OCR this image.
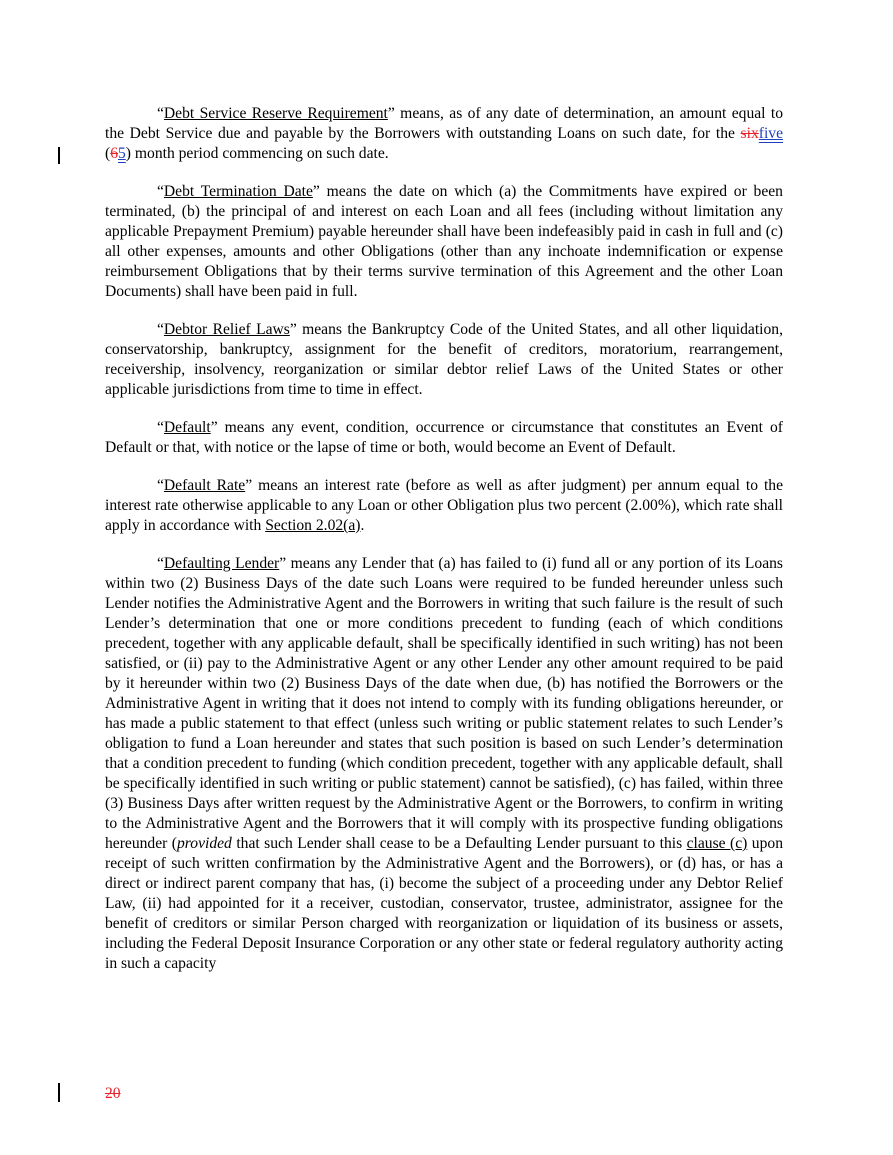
“Debt Service Reserve Requirement” means, as of any date of determination, an amount equal to the Debt Service due and payable by the Borrowers with outstanding Loans on such date, for the sixfive (65) month period commencing on such date.

“Debt Termination Date” means the date on which (a) the Commitments have expired or been terminated, (b) the principal of and interest on each Loan and all fees (including without limitation any applicable Prepayment Premium) payable hereunder shall have been indefeasibly paid in cash in full and (c) all other expenses, amounts and other Obligations (other than any inchoate indemnification or expense reimbursement Obligations that by their terms survive termination of this Agreement and the other Loan Documents) shall have been paid in full.

“Debtor Relief Laws” means the Bankruptcy Code of the United States, and all other liquidation, conservatorship, bankruptcy, assignment for the benefit of creditors, moratorium, rearrangement, receivership, insolvency, reorganization or similar debtor relief Laws of the United States or other applicable jurisdictions from time to time in effect.

“Default” means any event, condition, occurrence or circumstance that constitutes an Event of Default or that, with notice or the lapse of time or both, would become an Event of Default.

“Default Rate” means an interest rate (before as well as after judgment) per annum equal to the interest rate otherwise applicable to any Loan or other Obligation plus two percent (2.00%), which rate shall apply in accordance with Section 2.02(a).

“Defaulting Lender” means any Lender that (a) has failed to (i) fund all or any portion of its Loans within two (2) Business Days of the date such Loans were required to be funded hereunder unless such Lender notifies the Administrative Agent and the Borrowers in writing that such failure is the result of such Lender’s determination that one or more conditions precedent to funding (each of which conditions precedent, together with any applicable default, shall be specifically identified in such writing) has not been satisfied, or (ii) pay to the Administrative Agent or any other Lender any other amount required to be paid by it hereunder within two (2) Business Days of the date when due, (b) has notified the Borrowers or the Administrative Agent in writing that it does not intend to comply with its funding obligations hereunder, or has made a public statement to that effect (unless such writing or public statement relates to such Lender’s obligation to fund a Loan hereunder and states that such position is based on such Lender’s determination that a condition precedent to funding (which condition precedent, together with any applicable default, shall be specifically identified in such writing or public statement) cannot be satisfied), (c) has failed, within three (3) Business Days after written request by the Administrative Agent or the Borrowers, to confirm in writing to the Administrative Agent and the Borrowers that it will comply with its prospective funding obligations hereunder (provided that such Lender shall cease to be a Defaulting Lender pursuant to this clause (c) upon receipt of such written confirmation by the Administrative Agent and the Borrowers), or (d) has, or has a direct or indirect parent company that has, (i) become the subject of a proceeding under any Debtor Relief Law, (ii) had appointed for it a receiver, custodian, conservator, trustee, administrator, assignee for the benefit of creditors or similar Person charged with reorganization or liquidation of its business or assets, including the Federal Deposit Insurance Corporation or any other state or federal regulatory authority acting in such a capacity

20
